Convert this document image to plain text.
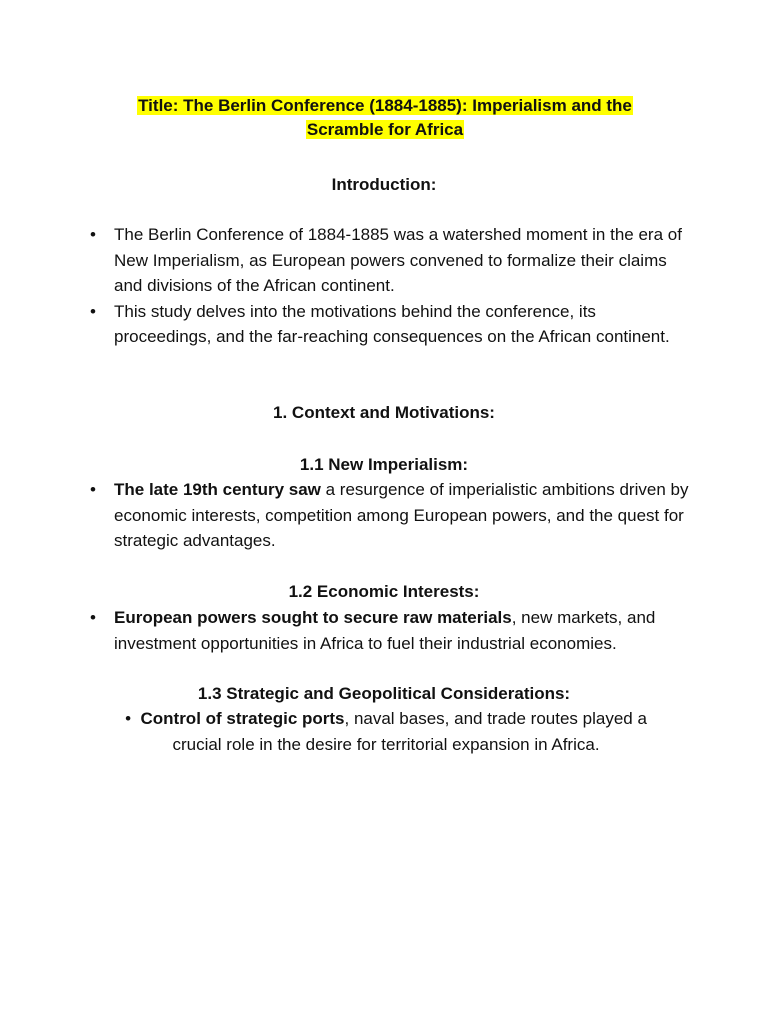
Title: The Berlin Conference (1884-1885): Imperialism and the Scramble for Africa
Introduction:
•	The Berlin Conference of 1884-1885 was a watershed moment in the era of New Imperialism, as European powers convened to formalize their claims and divisions of the African continent.
•	This study delves into the motivations behind the conference, its proceedings, and the far-reaching consequences on the African continent.
1. Context and Motivations:
1.1 New Imperialism:
•	The late 19th century saw a resurgence of imperialistic ambitions driven by economic interests, competition among European powers, and the quest for strategic advantages.
1.2 Economic Interests:
•	European powers sought to secure raw materials, new markets, and investment opportunities in Africa to fuel their industrial economies.
1.3 Strategic and Geopolitical Considerations:
• Control of strategic ports, naval bases, and trade routes played a crucial role in the desire for territorial expansion in Africa.
